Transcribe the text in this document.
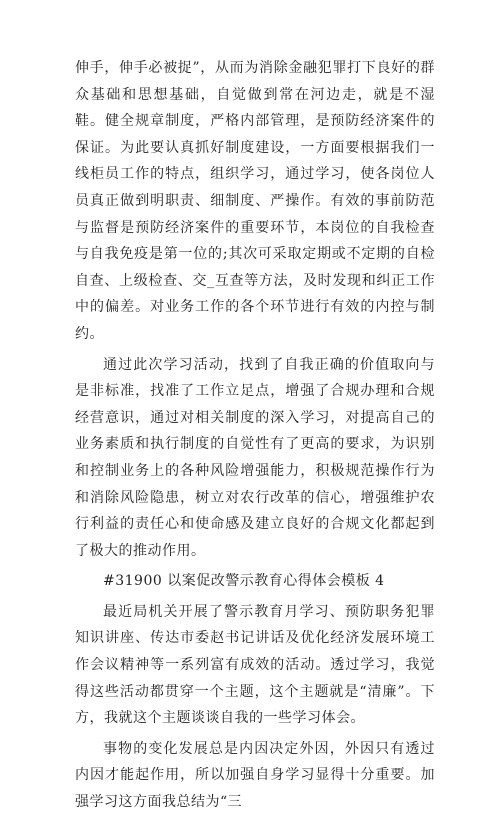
伸手，伸手必被捉”，从而为消除金融犯罪打下良好的群众基础和思想基础，自觉做到常在河边走，就是不湿鞋。健全规章制度，严格内部管理，是预防经济案件的保证。为此要认真抓好制度建设，一方面要根据我们一线柜员工作的特点，组织学习，通过学习，使各岗位人员真正做到明职责、细制度、严操作。有效的事前防范与监督是预防经济案件的重要环节，本岗位的自我检查与自我免疫是第一位的;其次可采取定期或不定期的自检自查、上级检查、交_互查等方法，及时发现和纠正工作中的偏差。对业务工作的各个环节进行有效的内控与制约。

通过此次学习活动，找到了自我正确的价值取向与是非标准，找准了工作立足点，增强了合规办理和合规经营意识，通过对相关制度的深入学习，对提高自己的业务素质和执行制度的自觉性有了更高的要求，为识别和控制业务上的各种风险增强能力，积极规范操作行为和消除风险隐患，树立对农行改革的信心，增强维护农行利益的责任心和使命感及建立良好的合规文化都起到了极大的推动作用。

#31900 以案促改警示教育心得体会模板 4

最近局机关开展了警示教育月学习、预防职务犯罪知识讲座、传达市委赵书记讲话及优化经济发展环境工作会议精神等一系列富有成效的活动。透过学习，我觉得这些活动都贯穿一个主题，这个主题就是“清廉”。下方，我就这个主题谈谈自我的一些学习体会。

事物的变化发展总是内因决定外因，外因只有透过内因才能起作用，所以加强自身学习显得十分重要。加强学习这方面我总结为“三
